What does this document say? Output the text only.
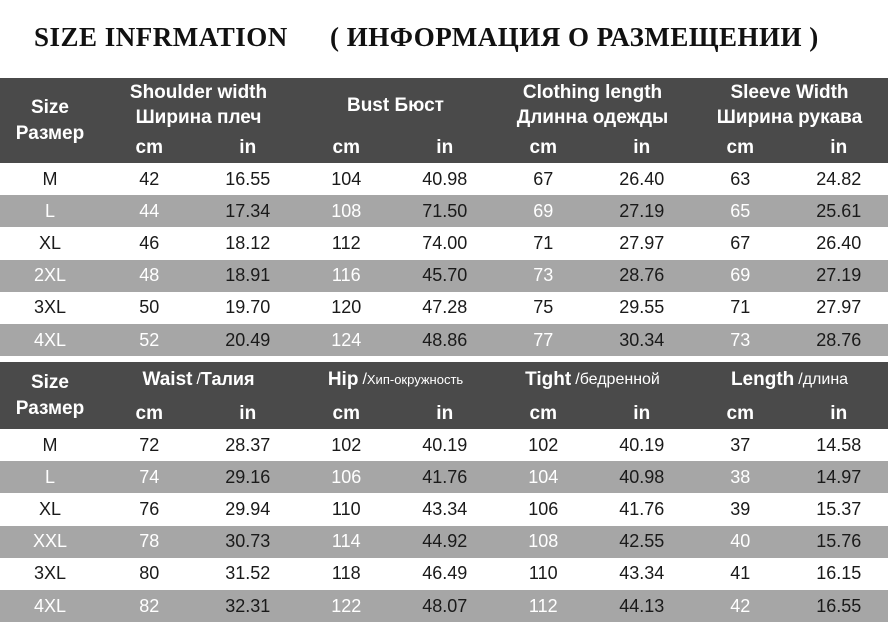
SIZE INFRMATION ( ИНФОРМАЦИЯ О РАЗМЕЩЕНИИ )
Size
Размер
Shoulder width
Ширина плеч
Bust Бюст
Clothing length
Длинна одежды
Sleeve Width
Ширина рукава
cm	in	cm	in	cm	in	cm	in
M	42	16.55	104	40.98	67	26.40	63	24.82
L	44	17.34	108	71.50	69	27.19	65	25.61
XL	46	18.12	112	74.00	71	27.97	67	26.40
2XL	48	18.91	116	45.70	73	28.76	69	27.19
3XL	50	19.70	120	47.28	75	29.55	71	27.97
4XL	52	20.49	124	48.86	77	30.34	73	28.76
Size
Размер
Waist / Талия	Hip / Хип-окружность	Tight / бедренной	Length / длина
cm	in	cm	in	cm	in	cm	in
M	72	28.37	102	40.19	102	40.19	37	14.58
L	74	29.16	106	41.76	104	40.98	38	14.97
XL	76	29.94	110	43.34	106	41.76	39	15.37
XXL	78	30.73	114	44.92	108	42.55	40	15.76
3XL	80	31.52	118	46.49	110	43.34	41	16.15
4XL	82	32.31	122	48.07	112	44.13	42	16.55
